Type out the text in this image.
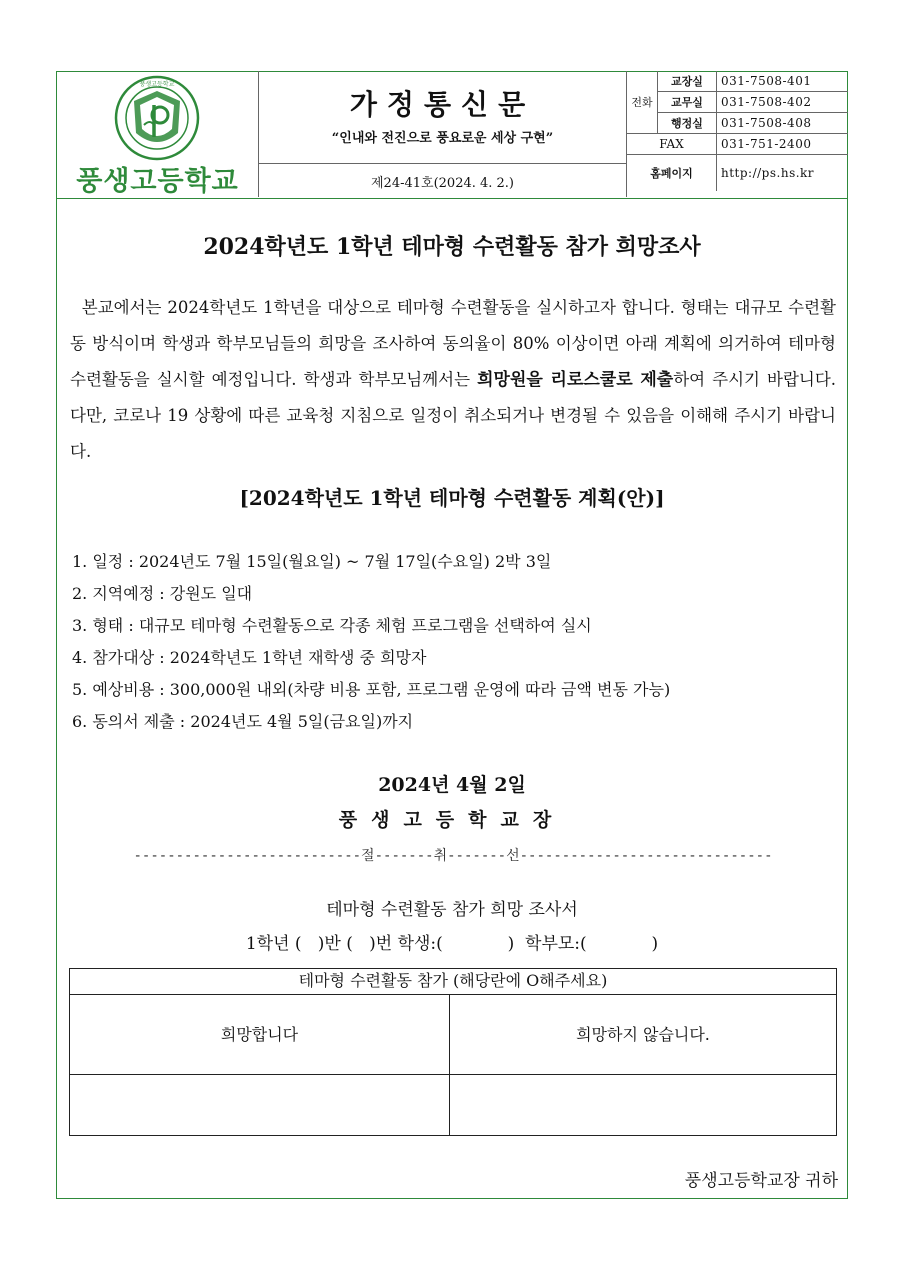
풍생고등학교
풍생고등학교
가정통신문
“인내와 전진으로 풍요로운 세상 구현”
제24-41호(2024. 4. 2.)
전화	교장실	031-7508-401
	교무실	031-7508-402
	행정실	031-7508-408
FAX		031-751-2400
홈페이지		http://ps.hs.kr
2024학년도 1학년 테마형 수련활동 참가 희망조사
본교에서는 2024학년도 1학년을 대상으로 테마형 수련활동을 실시하고자 합니다. 형태는 대규모 수련활동 방식이며 학생과 학부모님들의 희망을 조사하여 동의율이 80% 이상이면 아래 계획에 의거하여 테마형 수련활동을 실시할 예정입니다. 학생과 학부모님께서는 희망원을 리로스쿨로 제출하여 주시기 바랍니다. 다만, 코로나 19 상황에 따른 교육청 지침으로 일정이 취소되거나 변경될 수 있음을 이해해 주시기 바랍니다.
[2024학년도 1학년 테마형 수련활동 계획(안)]
1. 일정 : 2024년도 7월 15일(월요일) ~ 7월 17일(수요일) 2박 3일
2. 지역예정 : 강원도 일대
3. 형태 : 대규모 테마형 수련활동으로 각종 체험 프로그램을 선택하여 실시
4. 참가대상 : 2024학년도 1학년 재학생 중 희망자
5. 예상비용 : 300,000원 내외(차량 비용 포함, 프로그램 운영에 따라 금액 변동 가능)
6. 동의서 제출 : 2024년도 4월 5일(금요일)까지
2024년 4월 2일
풍생고등학교장
---------------------------절-------취-------선------------------------------
테마형 수련활동 참가 희망 조사서
1학년 (   )반 (   )번 학생:(            )  학부모:(            )
테마형 수련활동 참가 (해당란에 O해주세요)
희망합니다	희망하지 않습니다.
풍생고등학교장 귀하
